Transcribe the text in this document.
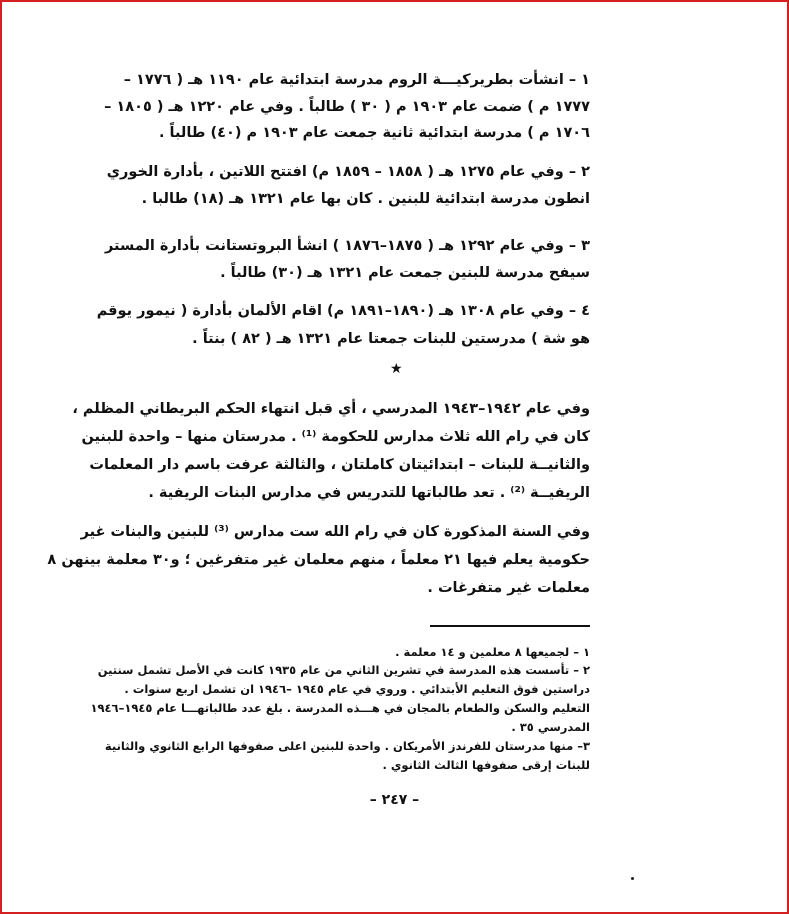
١ – انشأت بطريركيـــة الروم مدرسة ابتدائية عام ١١٩٠ هـ ( ١٧٧٦ –
١٧٧٧ م ) ضمت عام ١٩٠٣ م ( ٣٠ ) طالباً . وفي عام ١٢٢٠ هـ ( ١٨٠٥ –
١٧٠٦ م ) مدرسة ابتدائية ثانية جمعت عام ١٩٠٣ م (٤٠) طالباً .
٢ – وفي عام ١٢٧٥ هـ ( ١٨٥٨ – ١٨٥٩ م) افتتح اللاتين ، بأدارة الخوري
انطون مدرسة ابتدائية للبنين . كان بها عام ١٣٢١ هـ (١٨) طالبا .
٣ – وفي عام ١٢٩٢ هـ ( ١٨٧٥–١٨٧٦ ) انشأ البروتستانت بأدارة المستر
سيفح مدرسة للبنين جمعت عام ١٣٢١ هـ (٣٠) طالباً .
٤ – وفي عام ١٣٠٨ هـ (١٨٩٠–١٨٩١ م) اقام الألمان بأدارة ( نيمور يوقم
هو شة ) مدرستين للبنات جمعتا عام ١٣٢١ هـ ( ٨٢ ) بنتاً .
★
وفي عام ١٩٤٢–١٩٤٣ المدرسي ، أي قبل انتهاء الحكم البريطاني المظلم ،
كان في رام الله ثلاث مدارس للحكومة ⁽¹⁾ . مدرستان منها – واحدة للبنين
والثانيــة للبنات – ابتدائيتان كاملتان ، والثالثة عرفت باسم دار المعلمات
الريفيــة ⁽²⁾ . تعد طالباتها للتدريس في مدارس البنات الريفية .
وفي السنة المذكورة كان في رام الله ست مدارس ⁽³⁾ للبنين والبنات غير
حكومية يعلم فيها ٢١ معلماً ، منهم معلمان غير متفرغين ؛ و٣٠ معلمة بينهن ٨
معلمات غير متفرغات .
١ – لجميعها ٨ معلمين و ١٤ معلمة .
٢ – تأسست هذه المدرسة في تشرين الثاني من عام ١٩٣٥ كانت في الأصل تشمل سنتين
دراستين فوق التعليم الأبتدائي . وروي في عام ١٩٤٥ –١٩٤٦ ان تشمل اربع سنوات .
التعليم والسكن والطعام بالمجان في هـــذه المدرسة . بلغ عدد طالباتهـــا عام ١٩٤٥–١٩٤٦
المدرسي ٣٥ .
٣– منها مدرستان للفرندز الأمريكان . واحدة للبنين اعلى صفوفها الرابع الثانوي والثانية
للبنات إرقى صفوفها الثالث الثانوي .
– ٢٤٧ –
